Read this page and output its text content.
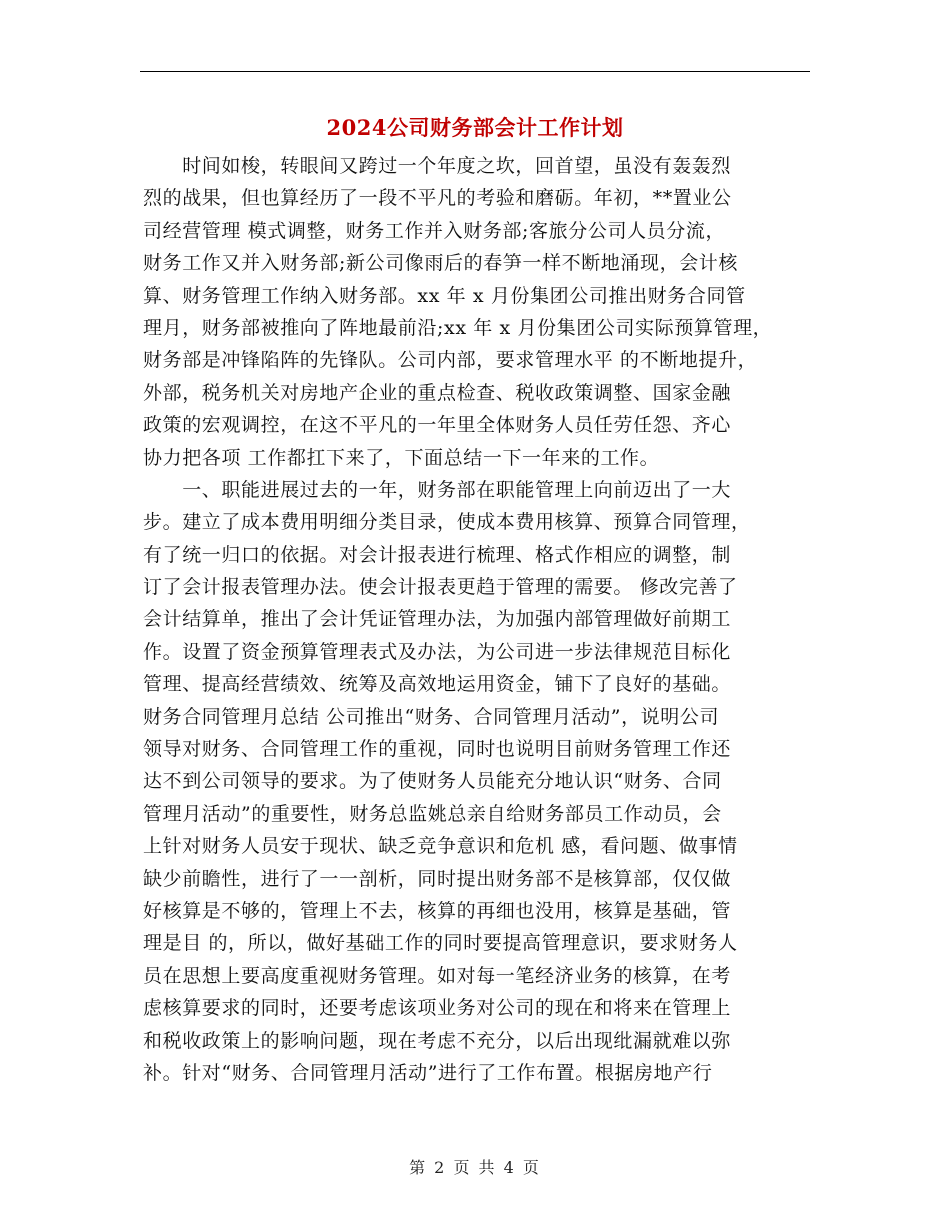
2024公司财务部会计工作计划
　　时间如梭，转眼间又跨过一个年度之坎，回首望，虽没有轰轰烈
烈的战果，但也算经历了一段不平凡的考验和磨砺。年初，**置业公
司经营管理 模式调整，财务工作并入财务部;客旅分公司人员分流，
财务工作又并入财务部;新公司像雨后的春笋一样不断地涌现，会计核
算、财务管理工作纳入财务部。xx 年 x 月份集团公司推出财务合同管
理月，财务部被推向了阵地最前沿;xx 年 x 月份集团公司实际预算管理，
财务部是冲锋陷阵的先锋队。公司内部，要求管理水平 的不断地提升，
外部，税务机关对房地产企业的重点检查、税收政策调整、国家金融
政策的宏观调控，在这不平凡的一年里全体财务人员任劳任怨、齐心
协力把各项 工作都扛下来了，下面总结一下一年来的工作。
　　一、职能进展过去的一年，财务部在职能管理上向前迈出了一大
步。建立了成本费用明细分类目录，使成本费用核算、预算合同管理，
有了统一归口的依据。对会计报表进行梳理、格式作相应的调整，制
订了会计报表管理办法。使会计报表更趋于管理的需要。 修改完善了
会计结算单，推出了会计凭证管理办法，为加强内部管理做好前期工
作。设置了资金预算管理表式及办法，为公司进一步法律规范目标化
管理、提高经营绩效、统筹及高效地运用资金，铺下了良好的基础。
财务合同管理月总结 公司推出“财务、合同管理月活动”，说明公司
领导对财务、合同管理工作的重视，同时也说明目前财务管理工作还
达不到公司领导的要求。为了使财务人员能充分地认识“财务、合同
管理月活动”的重要性，财务总监姚总亲自给财务部员工作动员，会
上针对财务人员安于现状、缺乏竞争意识和危机 感，看问题、做事情
缺少前瞻性，进行了一一剖析，同时提出财务部不是核算部，仅仅做
好核算是不够的，管理上不去，核算的再细也没用，核算是基础，管
理是目 的，所以，做好基础工作的同时要提高管理意识，要求财务人
员在思想上要高度重视财务管理。如对每一笔经济业务的核算，在考
虑核算要求的同时，还要考虑该项业务对公司的现在和将来在管理上
和税收政策上的影响问题，现在考虑不充分，以后出现纰漏就难以弥
补。针对“财务、合同管理月活动”进行了工作布置。根据房地产行
第 2 页 共 4 页
